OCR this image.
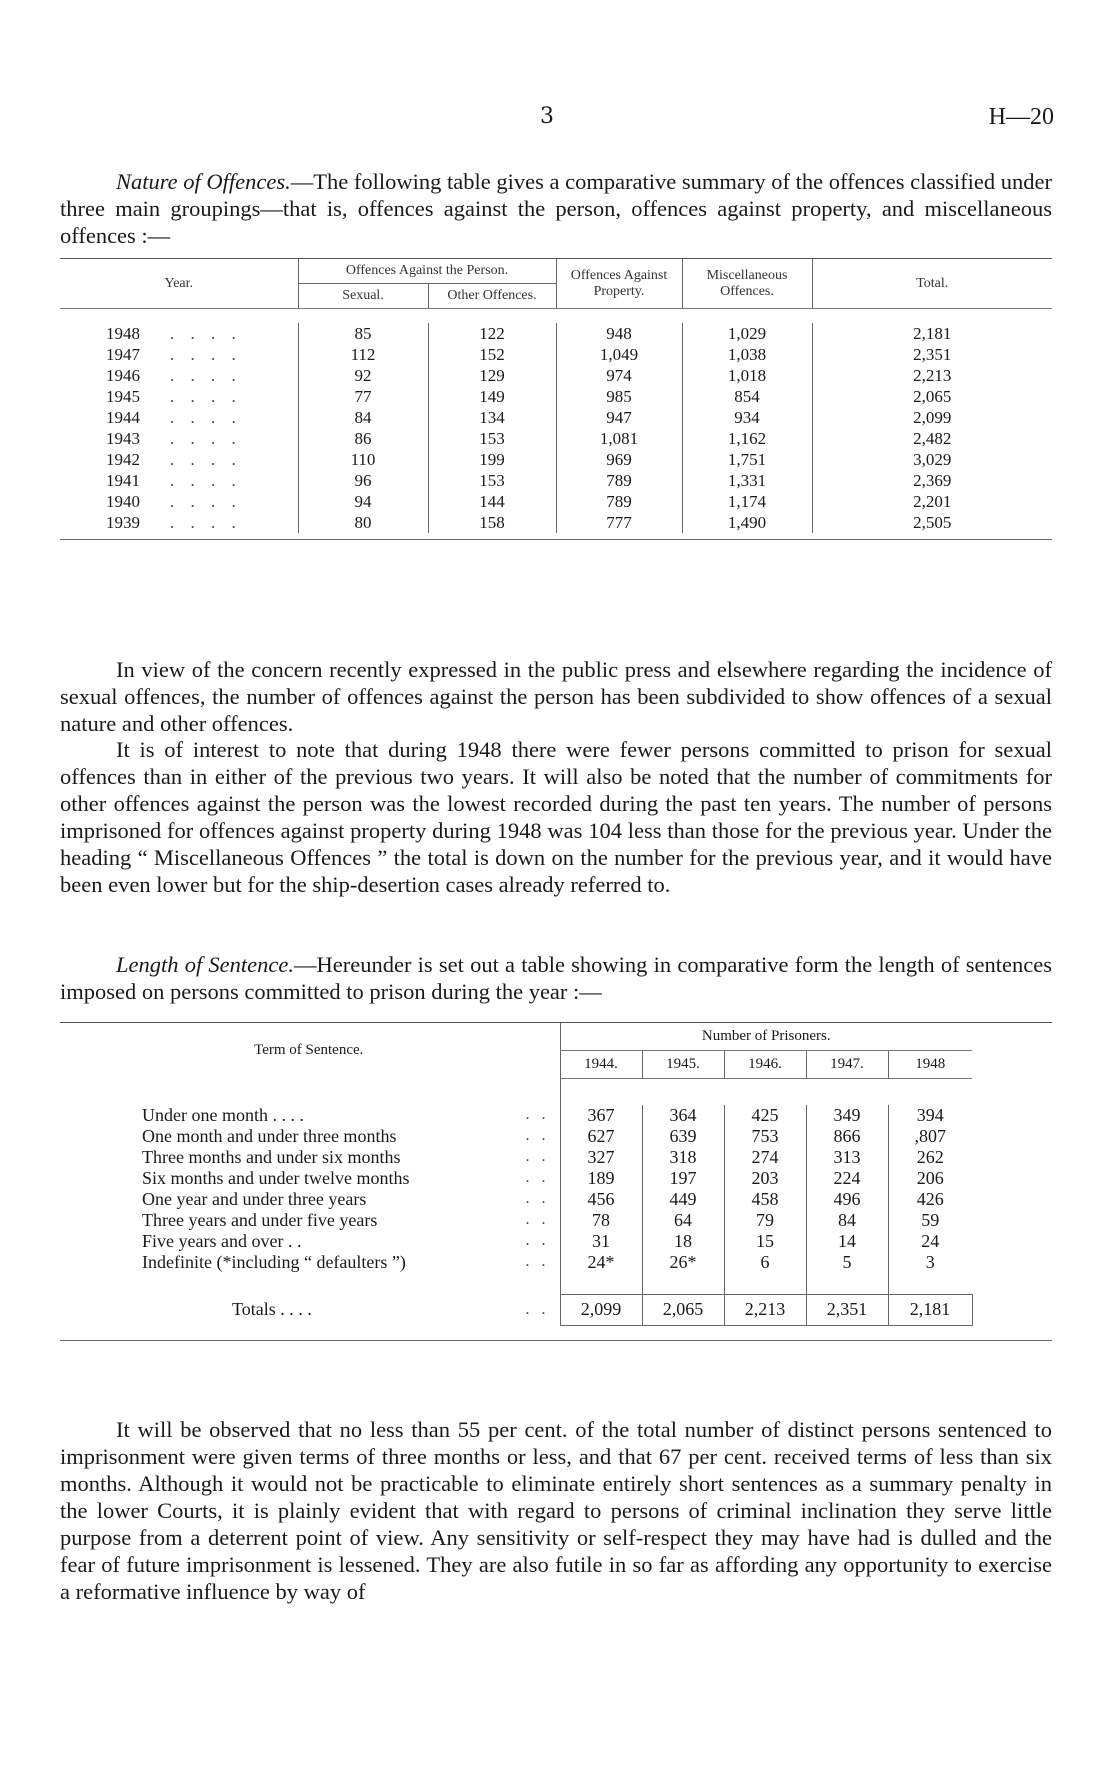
3	H—20
Nature of Offences.—The following table gives a comparative summary of the offences classified under three main groupings—that is, offences against the person, offences against property, and miscellaneous offences :—
Year.	Offences Against the Person.		Offences Against Property.	Miscellaneous Offences.	Total.
	Sexual.	Other Offences.			

1948 . . . .	85	122	948	1,029	2,181
1947 . . . .	112	152	1,049	1,038	2,351
1946 . . . .	92	129	974	1,018	2,213
1945 . . . .	77	149	985	854	2,065
1944 . . . .	84	134	947	934	2,099
1943 . . . .	86	153	1,081	1,162	2,482
1942 . . . .	110	199	969	1,751	3,029
1941 . . . .	96	153	789	1,331	2,369
1940 . . . .	94	144	789	1,174	2,201
1939 . . . .	80	158	777	1,490	2,505
In view of the concern recently expressed in the public press and elsewhere regarding the incidence of sexual offences, the number of offences against the person has been subdivided to show offences of a sexual nature and other offences.
It is of interest to note that during 1948 there were fewer persons committed to prison for sexual offences than in either of the previous two years. It will also be noted that the number of commitments for other offences against the person was the lowest recorded during the past ten years. The number of persons imprisoned for offences against property during 1948 was 104 less than those for the previous year. Under the heading “ Miscellaneous Offences ” the total is down on the number for the previous year, and it would have been even lower but for the ship-desertion cases already referred to.
Length of Sentence.—Hereunder is set out a table showing in comparative form the length of sentences imposed on persons committed to prison during the year :—
Term of Sentence.		Number of Prisoners.					
		1944.	1945.	1946.	1947.	1948	

Under one month . . . .	. .	367	364	425	349	394	
One month and under three months	. .	627	639	753	866	,807	
Three months and under six months	. .	327	318	274	313	262	
Six months and under twelve months	. .	189	197	203	224	206	
One year and under three years	. .	456	449	458	496	426	
Three years and under five years	. .	78	64	79	84	59	
Five years and over . .	. .	31	18	15	14	24	
Indefinite (*including “ defaulters ”)	. .	24*	26*	6	5	3	

Totals . . . .	. .	2,099	2,065	2,213	2,351	2,181	
It will be observed that no less than 55 per cent. of the total number of distinct persons sentenced to imprisonment were given terms of three months or less, and that 67 per cent. received terms of less than six months. Although it would not be practicable to eliminate entirely short sentences as a summary penalty in the lower Courts, it is plainly evident that with regard to persons of criminal inclination they serve little purpose from a deterrent point of view. Any sensitivity or self-respect they may have had is dulled and the fear of future imprisonment is lessened. They are also futile in so far as affording any opportunity to exercise a reformative influence by way of
